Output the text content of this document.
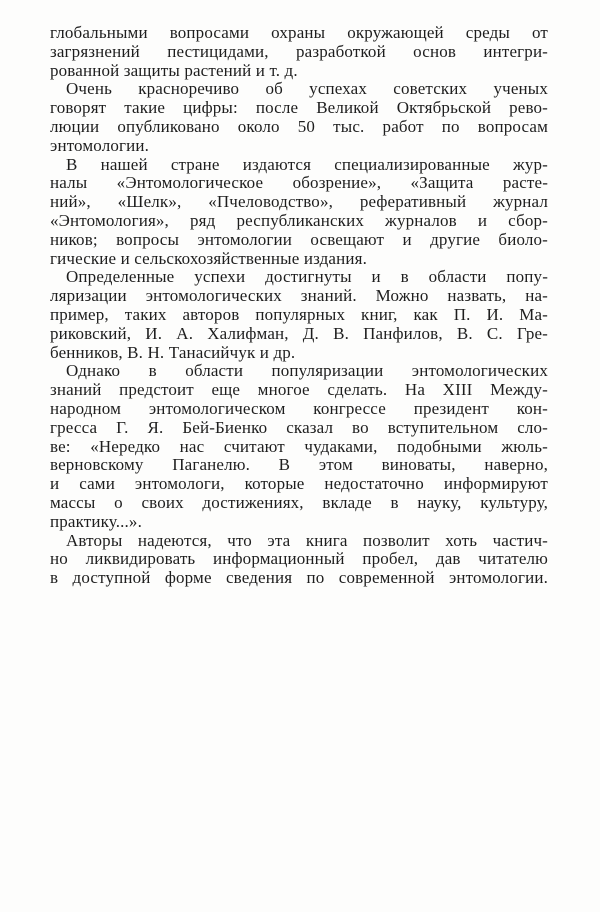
глобальными вопросами охраны окружающей среды от
загрязнений пестицидами, разработкой основ интегри-
рованной защиты растений и т. д.
Очень красноречиво об успехах советских ученых
говорят такие цифры: после Великой Октябрьской рево-
люции опубликовано около 50 тыс. работ по вопросам
энтомологии.
В нашей стране издаются специализированные жур-
налы «Энтомологическое обозрение», «Защита расте-
ний», «Шелк», «Пчеловодство», реферативный журнал
«Энтомология», ряд республиканских журналов и сбор-
ников; вопросы энтомологии освещают и другие биоло-
гические и сельскохозяйственные издания.
Определенные успехи достигнуты и в области попу-
ляризации энтомологических знаний. Можно назвать, на-
пример, таких авторов популярных книг, как П. И. Ма-
риковский, И. А. Халифман, Д. В. Панфилов, В. С. Гре-
бенников, В. Н. Танасийчук и др.
Однако в области популяризации энтомологических
знаний предстоит еще многое сделать. На XIII Между-
народном энтомологическом конгрессе президент кон-
гресса Г. Я. Бей-Биенко сказал во вступительном сло-
ве: «Нередко нас считают чудаками, подобными жюль-
верновскому Паганелю. В этом виноваты, наверно,
и сами энтомологи, которые недостаточно информируют
массы о своих достижениях, вкладе в науку, культуру,
практику...».
Авторы надеются, что эта книга позволит хоть частич-
но ликвидировать информационный пробел, дав читателю
в доступной форме сведения по современной энтомологии.
